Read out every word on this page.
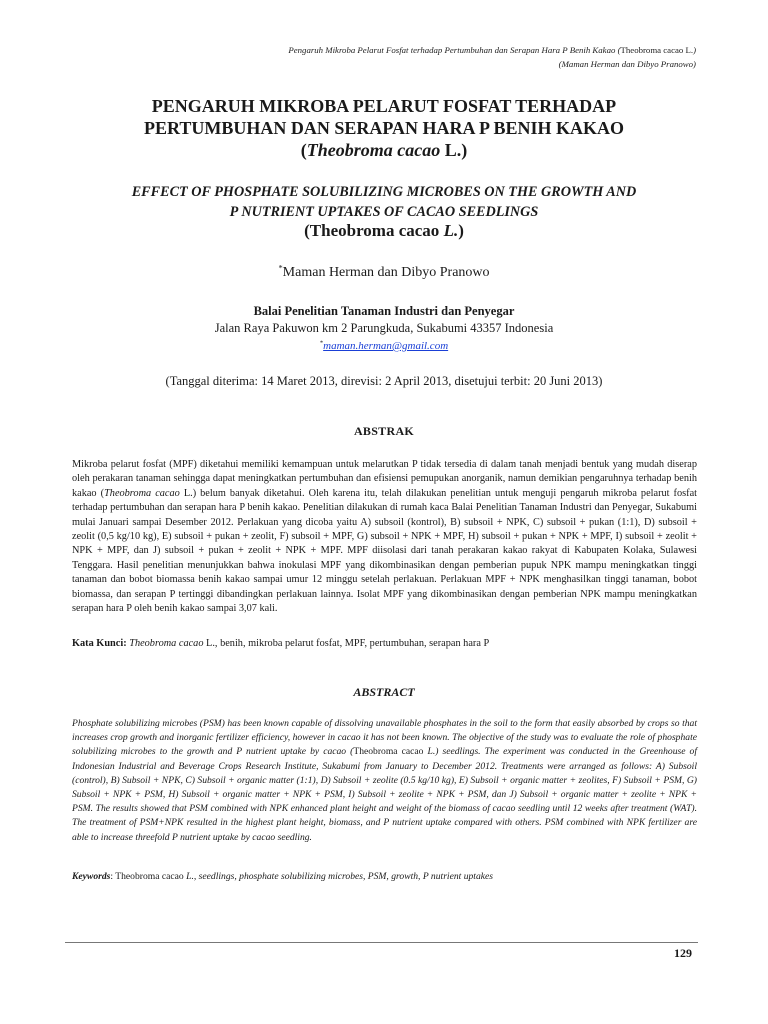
Pengaruh Mikroba Pelarut Fosfat terhadap Pertumbuhan dan Serapan Hara P Benih Kakao (Theobroma cacao L.)
(Maman Herman dan Dibyo Pranowo)
PENGARUH MIKROBA PELARUT FOSFAT TERHADAP
PERTUMBUHAN DAN SERAPAN HARA P BENIH KAKAO
(Theobroma cacao L.)
EFFECT OF PHOSPHATE SOLUBILIZING MICROBES ON THE GROWTH AND
P NUTRIENT UPTAKES OF CACAO SEEDLINGS
(Theobroma cacao L.)
*Maman Herman dan Dibyo Pranowo
Balai Penelitian Tanaman Industri dan Penyegar
Jalan Raya Pakuwon km 2 Parungkuda, Sukabumi 43357 Indonesia
*maman.herman@gmail.com
(Tanggal diterima: 14 Maret 2013, direvisi: 2 April 2013, disetujui terbit: 20 Juni 2013)
ABSTRAK

Mikroba pelarut fosfat (MPF) diketahui memiliki kemampuan untuk melarutkan P tidak tersedia di dalam tanah menjadi bentuk yang mudah diserap oleh perakaran tanaman sehingga dapat meningkatkan pertumbuhan dan efisiensi pemupukan anorganik, namun demikian pengaruhnya terhadap benih kakao (Theobroma cacao L.) belum banyak diketahui. Oleh karena itu, telah dilakukan penelitian untuk menguji pengaruh mikroba pelarut fosfat terhadap pertumbuhan dan serapan hara P benih kakao. Penelitian dilakukan di rumah kaca Balai Penelitian Tanaman Industri dan Penyegar, Sukabumi mulai Januari sampai Desember 2012. Perlakuan yang dicoba yaitu A) subsoil (kontrol), B) subsoil + NPK, C) subsoil + pukan (1:1), D) subsoil + zeolit (0,5 kg/10 kg), E) subsoil + pukan + zeolit, F) subsoil + MPF, G) subsoil + NPK + MPF, H) subsoil + pukan + NPK + MPF, I) subsoil + zeolit + NPK + MPF, dan J) subsoil + pukan + zeolit + NPK + MPF. MPF diisolasi dari tanah perakaran kakao rakyat di Kabupaten Kolaka, Sulawesi Tenggara. Hasil penelitian menunjukkan bahwa inokulasi MPF yang dikombinasikan dengan pemberian pupuk NPK mampu meningkatkan tinggi tanaman dan bobot biomassa benih kakao sampai umur 12 minggu setelah perlakuan. Perlakuan MPF + NPK menghasilkan tinggi tanaman, bobot biomassa, dan serapan P tertinggi dibandingkan perlakuan lainnya. Isolat MPF yang dikombinasikan dengan pemberian NPK mampu meningkatkan serapan hara P oleh benih kakao sampai 3,07 kali.

Kata Kunci: Theobroma cacao L., benih, mikroba pelarut fosfat, MPF, pertumbuhan, serapan hara P
ABSTRACT

Phosphate solubilizing microbes (PSM) has been known capable of dissolving unavailable phosphates in the soil to the form that easily absorbed by crops so that increases crop growth and inorganic fertilizer efficiency, however in cacao it has not been known. The objective of the study was to evaluate the role of phosphate solubilizing microbes to the growth and P nutrient uptake by cacao (Theobroma cacao L.) seedlings. The experiment was conducted in the Greenhouse of Indonesian Industrial and Beverage Crops Research Institute, Sukabumi from January to December 2012. Treatments were arranged as follows: A) Subsoil (control), B) Subsoil + NPK, C) Subsoil + organic matter (1:1), D) Subsoil + zeolite (0.5 kg/10 kg), E) Subsoil + organic matter + zeolites, F) Subsoil + PSM, G) Subsoil + NPK + PSM, H) Subsoil + organic matter + NPK + PSM, I) Subsoil + zeolite + NPK + PSM, dan J) Subsoil + organic matter + zeolite + NPK + PSM. The results showed that PSM combined with NPK enhanced plant height and weight of the biomass of cacao seedling until 12 weeks after treatment (WAT). The treatment of PSM+NPK resulted in the highest plant height, biomass, and P nutrient uptake compared with others. PSM combined with NPK fertilizer are able to increase threefold P nutrient uptake by cacao seedling.

Keywords: Theobroma cacao L., seedlings, phosphate solubilizing microbes, PSM, growth, P nutrient uptakes
129
